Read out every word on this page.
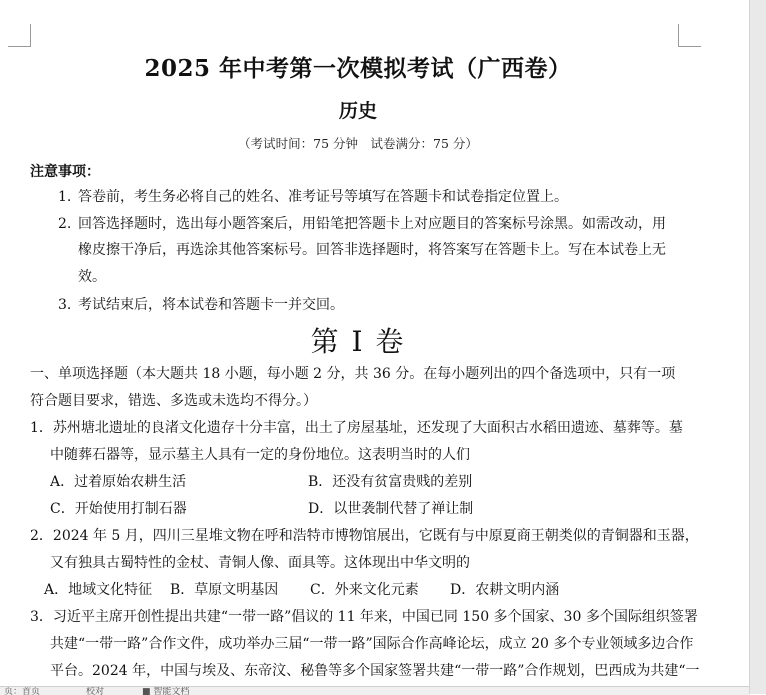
2025 年中考第一次模拟考试（广西卷）
历史
（考试时间：75 分钟　试卷满分：75 分）
注意事项：
1. 答卷前，考生务必将自己的姓名、准考证号等填写在答题卡和试卷指定位置上。
2. 回答选择题时，选出每小题答案后，用铅笔把答题卡上对应题目的答案标号涂黑。如需改动，用
橡皮擦干净后，再选涂其他答案标号。回答非选择题时，将答案写在答题卡上。写在本试卷上无
效。
3. 考试结束后，将本试卷和答题卡一并交回。
第 I 卷
一、单项选择题（本大题共 18 小题，每小题 2 分，共 36 分。在每小题列出的四个备选项中，只有一项
符合题目要求，错选、多选或未选均不得分。）
1．苏州塘北遗址的良渚文化遗存十分丰富，出土了房屋基址，还发现了大面积古水稻田遗迹、墓葬等。墓
中随葬石器等，显示墓主人具有一定的身份地位。这表明当时的人们
A．过着原始农耕生活	B．还没有贫富贵贱的差别
C．开始使用打制石器	D．以世袭制代替了禅让制
2．2024 年 5 月，四川三星堆文物在呼和浩特市博物馆展出，它既有与中原夏商王朝类似的青铜器和玉器，
又有独具古蜀特性的金杖、青铜人像、面具等。这体现出中华文明的
A．地域文化特征 B．草原文明基因 C．外来文化元素 D．农耕文明内涵
3．习近平主席开创性提出共建“一带一路”倡议的 11 年来，中国已同 150 多个国家、30 多个国际组织签署
共建“一带一路”合作文件，成功举办三届“一带一路”国际合作高峰论坛，成立 20 多个专业领域多边合作
平台。2024 年，中国与埃及、东帝汶、秘鲁等多个国家签署共建“一带一路”合作规划，巴西成为共建“一
页：首页	校对	■ 智能文档
